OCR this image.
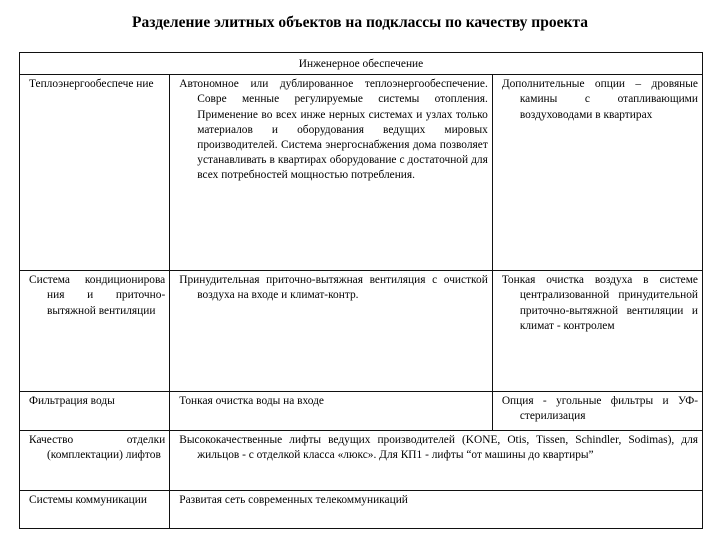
Разделение элитных объектов на подклассы по качеству проекта
Инженерное обеспечение		

Теплоэнергообеспече ние	Автономное или дублированное теплоэнергообеспечение. Совре менные регулируемые системы отопления. Применение во всех инже нерных системах и узлах только материалов и оборудования ведущих мировых производителей. Система энергоснабжения дома позволяет устанавливать в квартирах оборудование с достаточной для всех потребностей мощностью потребления.	Дополнительные опции – дровяные камины с отапливающими воздуховодами в квартирах

Система кондиционирова ния и приточно-вытяжной вентиляции	Принудительная приточно-вытяжная вентиляция с очисткой воздуха на входе и климат-контр.	Тонкая очистка воздуха в системе централизованной принудительной приточно-вытяжной вентиляции и климат - контролем

Фильтрация воды	Тонкая очистка воды на входе	Опция - угольные фильтры и УФ- стерилизация

Качество отделки (комплектации) лифтов	Высококачественные лифты ведущих производителей (KONE, Otis, Tissen, Schindler, Sodimas), для жильцов - с отделкой класса «люкс». Для КП1 - лифты “от машины до квартиры”	

Системы коммуникации	Развитая сеть современных телекоммуникаций	
